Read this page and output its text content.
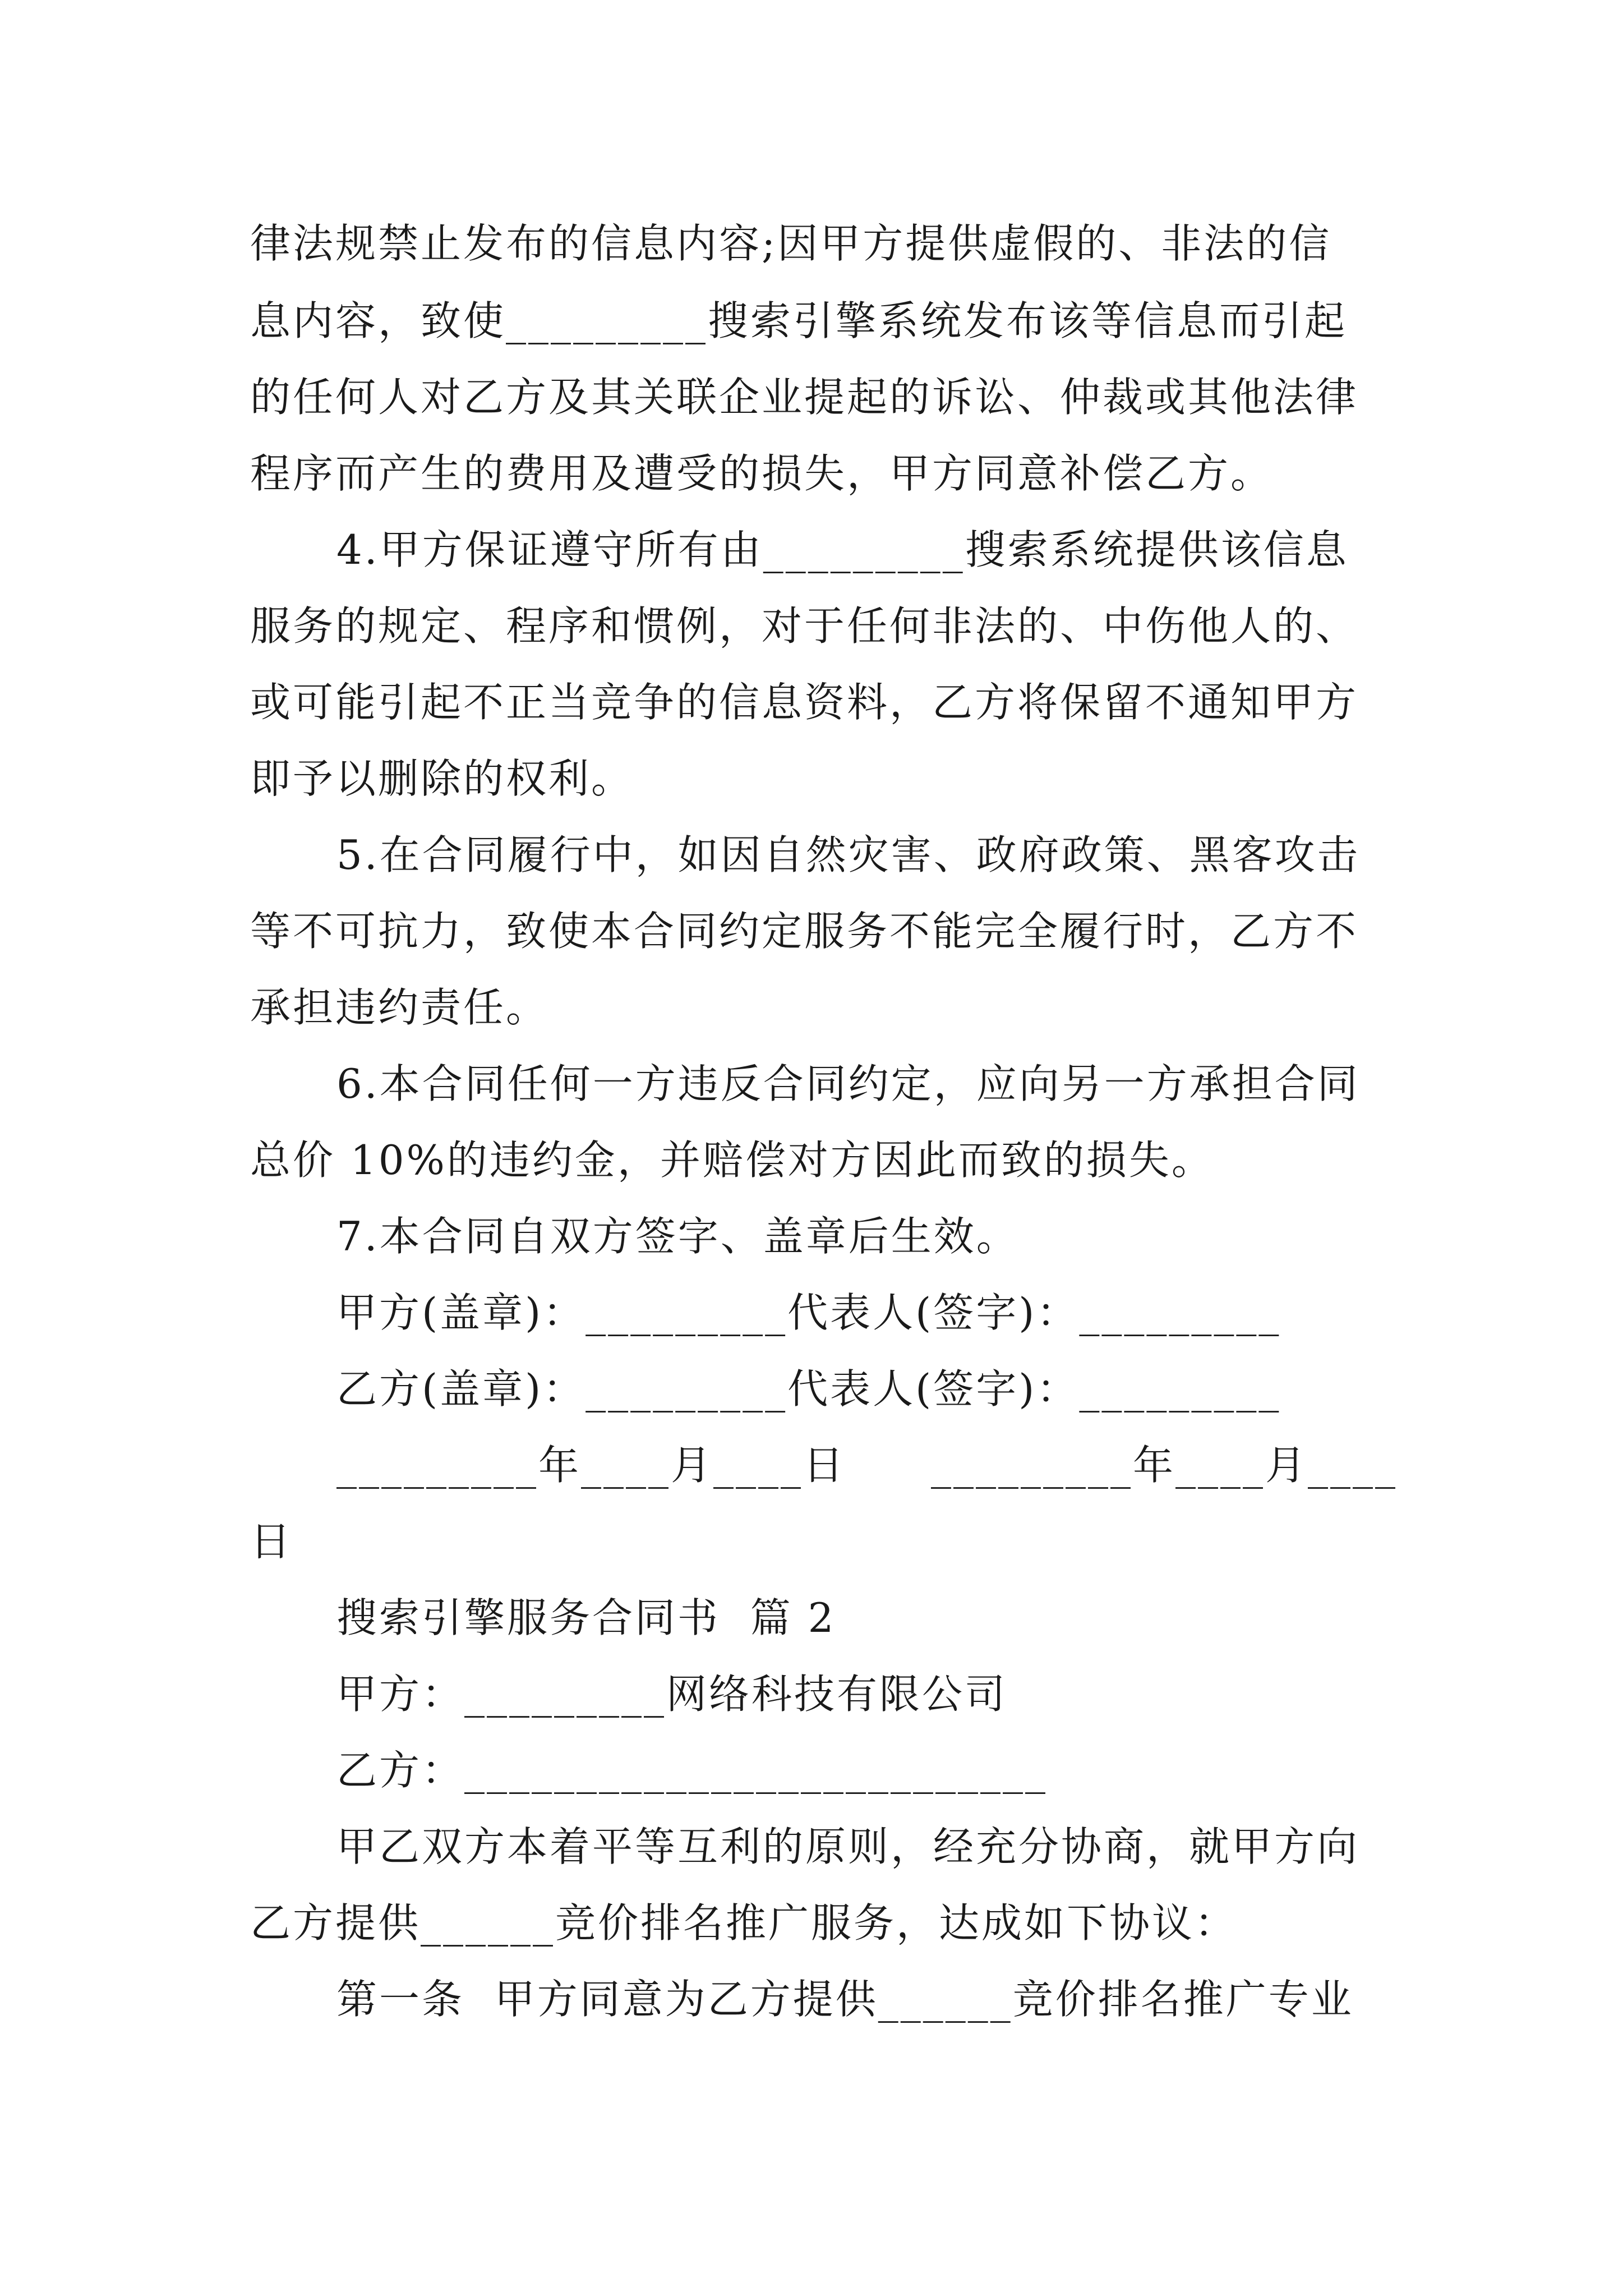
律法规禁止发布的信息内容;因甲方提供虚假的、非法的信
息内容，致使_________搜索引擎系统发布该等信息而引起
的任何人对乙方及其关联企业提起的诉讼、仲裁或其他法律
程序而产生的费用及遭受的损失，甲方同意补偿乙方。
4.甲方保证遵守所有由_________搜索系统提供该信息
服务的规定、程序和惯例，对于任何非法的、中伤他人的、
或可能引起不正当竞争的信息资料，乙方将保留不通知甲方
即予以删除的权利。
5.在合同履行中，如因自然灾害、政府政策、黑客攻击
等不可抗力，致使本合同约定服务不能完全履行时，乙方不
承担违约责任。
6.本合同任何一方违反合同约定，应向另一方承担合同
总价 10%的违约金，并赔偿对方因此而致的损失。
7.本合同自双方签字、盖章后生效。
甲方(盖章)：_________代表人(签字)：_________
乙方(盖章)：_________代表人(签字)：_________
_________年____月____日　　_________年____月____
日
搜索引擎服务合同书  篇 2
甲方：_________网络科技有限公司
乙方：__________________________
甲乙双方本着平等互利的原则，经充分协商，就甲方向
乙方提供______竞价排名推广服务，达成如下协议：
第一条  甲方同意为乙方提供______竞价排名推广专业
